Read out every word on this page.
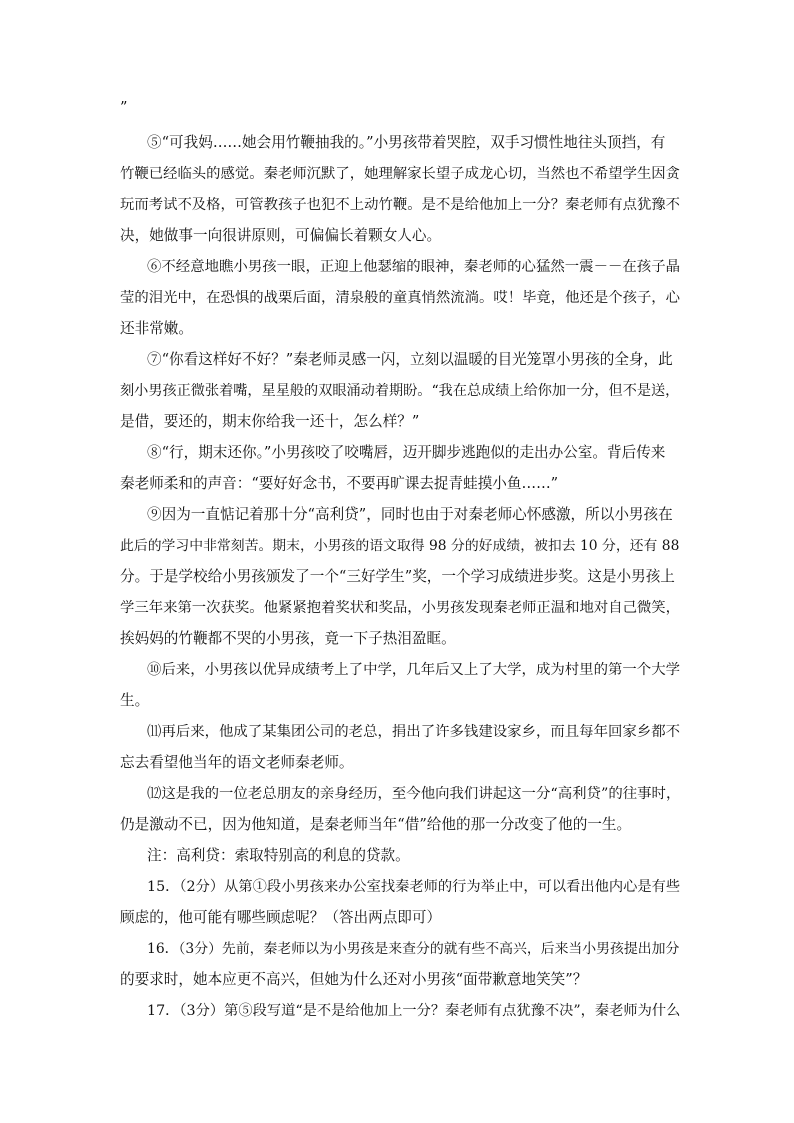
”
⑤“可我妈……她会用竹鞭抽我的。”小男孩带着哭腔，双手习惯性地往头顶挡，有
竹鞭已经临头的感觉。秦老师沉默了，她理解家长望子成龙心切，当然也不希望学生因贪
玩而考试不及格，可管教孩子也犯不上动竹鞭。是不是给他加上一分？秦老师有点犹豫不
决，她做事一向很讲原则，可偏偏长着颗女人心。
⑥不经意地瞧小男孩一眼，正迎上他瑟缩的眼神，秦老师的心猛然一震－－在孩子晶
莹的泪光中，在恐惧的战栗后面，清泉般的童真悄然流淌。哎！毕竟，他还是个孩子，心
还非常嫩。
⑦“你看这样好不好？”秦老师灵感一闪，立刻以温暖的目光笼罩小男孩的全身，此
刻小男孩正微张着嘴，星星般的双眼涌动着期盼。“我在总成绩上给你加一分，但不是送，
是借，要还的，期末你给我一还十，怎么样？”
⑧“行，期末还你。”小男孩咬了咬嘴唇，迈开脚步逃跑似的走出办公室。背后传来
秦老师柔和的声音：“要好好念书，不要再旷课去捉青蛙摸小鱼……”
⑨因为一直惦记着那十分“高利贷”，同时也由于对秦老师心怀感激，所以小男孩在
此后的学习中非常刻苦。期末，小男孩的语文取得 98 分的好成绩，被扣去 10 分，还有 88
分。于是学校给小男孩颁发了一个“三好学生”奖，一个学习成绩进步奖。这是小男孩上
学三年来第一次获奖。他紧紧抱着奖状和奖品，小男孩发现秦老师正温和地对自己微笑，
挨妈妈的竹鞭都不哭的小男孩，竟一下子热泪盈眶。
⑩后来，小男孩以优异成绩考上了中学，几年后又上了大学，成为村里的第一个大学
生。
⑾再后来，他成了某集团公司的老总，捐出了许多钱建设家乡，而且每年回家乡都不
忘去看望他当年的语文老师秦老师。
⑿这是我的一位老总朋友的亲身经历，至今他向我们讲起这一分“高利贷”的往事时，
仍是激动不已，因为他知道，是秦老师当年“借”给他的那一分改变了他的一生。
注：高利贷：索取特别高的利息的贷款。
15．（2分）从第①段小男孩来办公室找秦老师的行为举止中，可以看出他内心是有些
顾虑的，他可能有哪些顾虑呢？（答出两点即可）
16．（3分）先前，秦老师以为小男孩是来查分的就有些不高兴，后来当小男孩提出加分
的要求时，她本应更不高兴，但她为什么还对小男孩“面带歉意地笑笑”？
17．（3分）第⑤段写道“是不是给他加上一分？秦老师有点犹豫不决”，秦老师为什么
